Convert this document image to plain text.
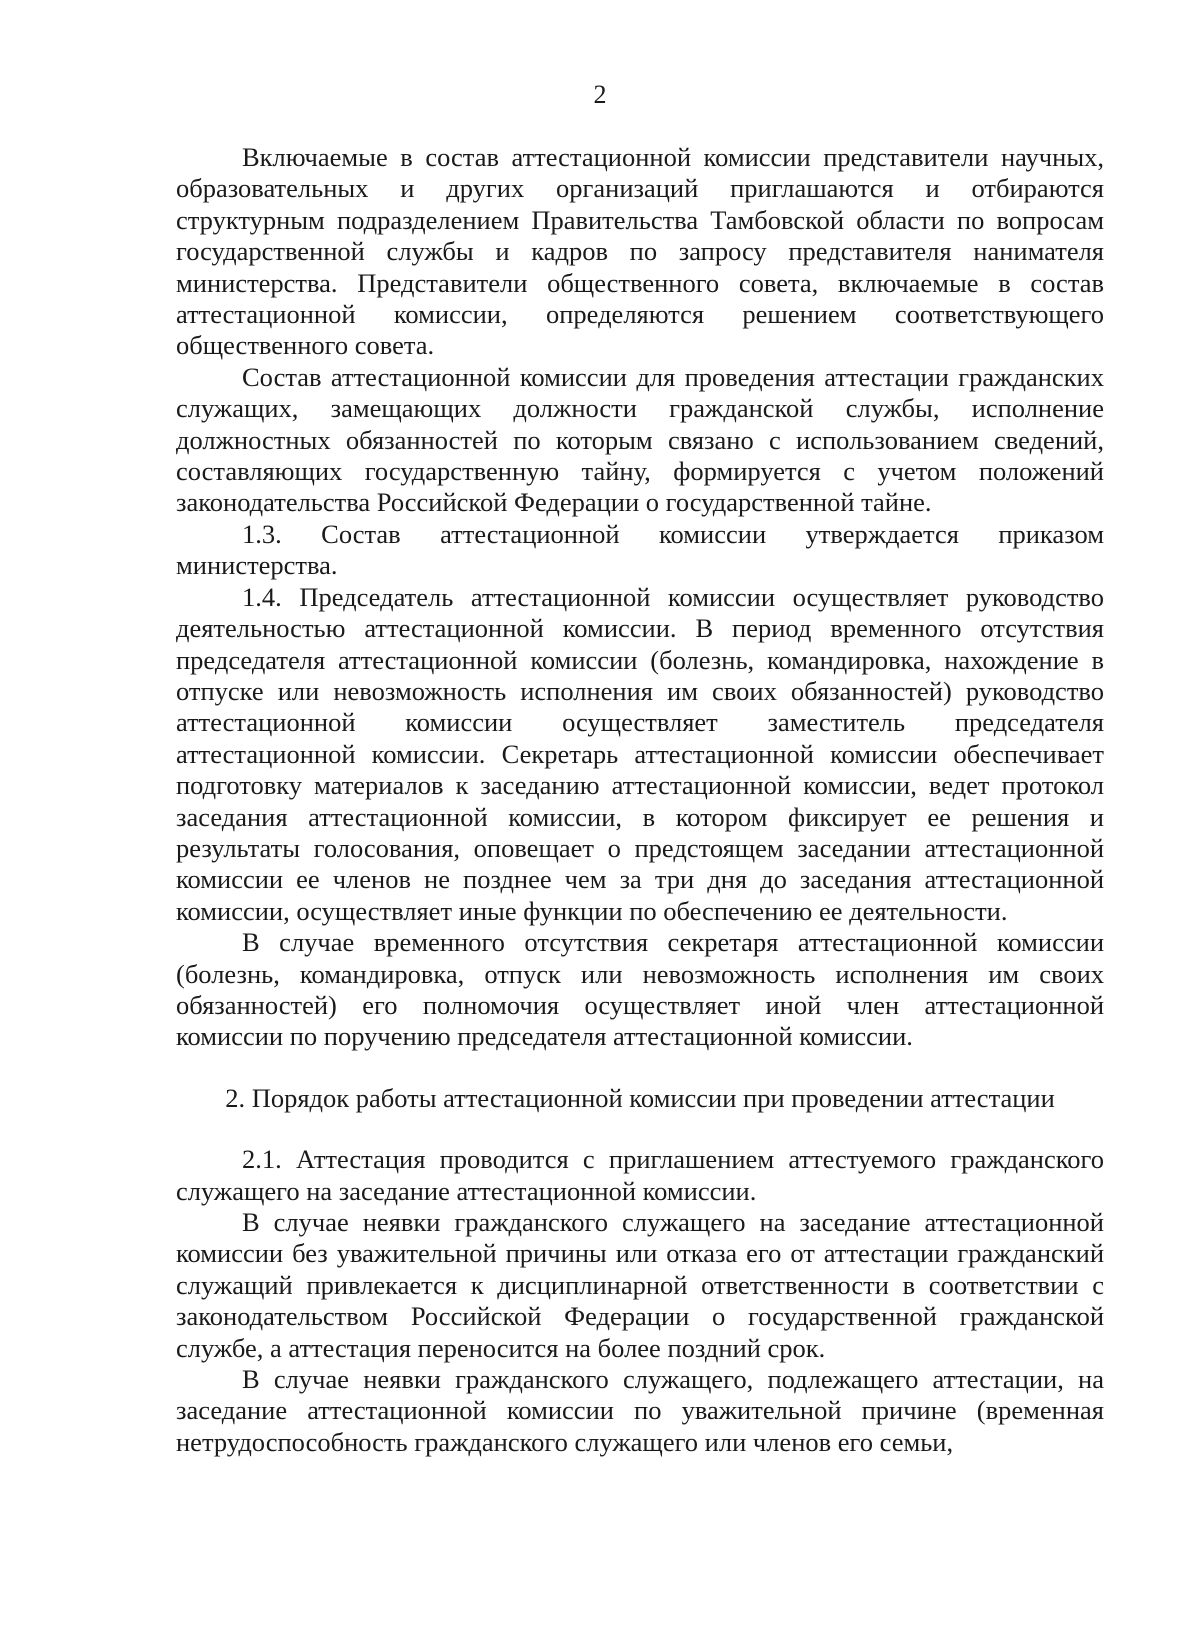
2

Включаемые в состав аттестационной комиссии представители научных, образовательных и других организаций приглашаются и отбираются структурным подразделением Правительства Тамбовской области по вопросам государственной службы и кадров по запросу представителя нанимателя министерства. Представители общественного совета, включаемые в состав аттестационной комиссии, определяются решением соответствующего общественного совета.

Состав аттестационной комиссии для проведения аттестации гражданских служащих, замещающих должности гражданской службы, исполнение должностных обязанностей по которым связано с использованием сведений, составляющих государственную тайну, формируется с учетом положений законодательства Российской Федерации о государственной тайне.

1.3. Состав аттестационной комиссии утверждается приказом министерства.

1.4. Председатель аттестационной комиссии осуществляет руководство деятельностью аттестационной комиссии. В период временного отсутствия председателя аттестационной комиссии (болезнь, командировка, нахождение в отпуске или невозможность исполнения им своих обязанностей) руководство аттестационной комиссии осуществляет заместитель председателя аттестационной комиссии. Секретарь аттестационной комиссии обеспечивает подготовку материалов к заседанию аттестационной комиссии, ведет протокол заседания аттестационной комиссии, в котором фиксирует ее решения и результаты голосования, оповещает о предстоящем заседании аттестационной комиссии ее членов не позднее чем за три дня до заседания аттестационной комиссии, осуществляет иные функции по обеспечению ее деятельности.

В случае временного отсутствия секретаря аттестационной комиссии (болезнь, командировка, отпуск или невозможность исполнения им своих обязанностей) его полномочия осуществляет иной член аттестационной комиссии по поручению председателя аттестационной комиссии.

2. Порядок работы аттестационной комиссии при проведении аттестации

2.1. Аттестация проводится с приглашением аттестуемого гражданского служащего на заседание аттестационной комиссии.

В случае неявки гражданского служащего на заседание аттестационной комиссии без уважительной причины или отказа его от аттестации гражданский служащий привлекается к дисциплинарной ответственности в соответствии с законодательством Российской Федерации о государственной гражданской службе, а аттестация переносится на более поздний срок.

В случае неявки гражданского служащего, подлежащего аттестации, на заседание аттестационной комиссии по уважительной причине (временная нетрудоспособность гражданского служащего или членов его семьи,
